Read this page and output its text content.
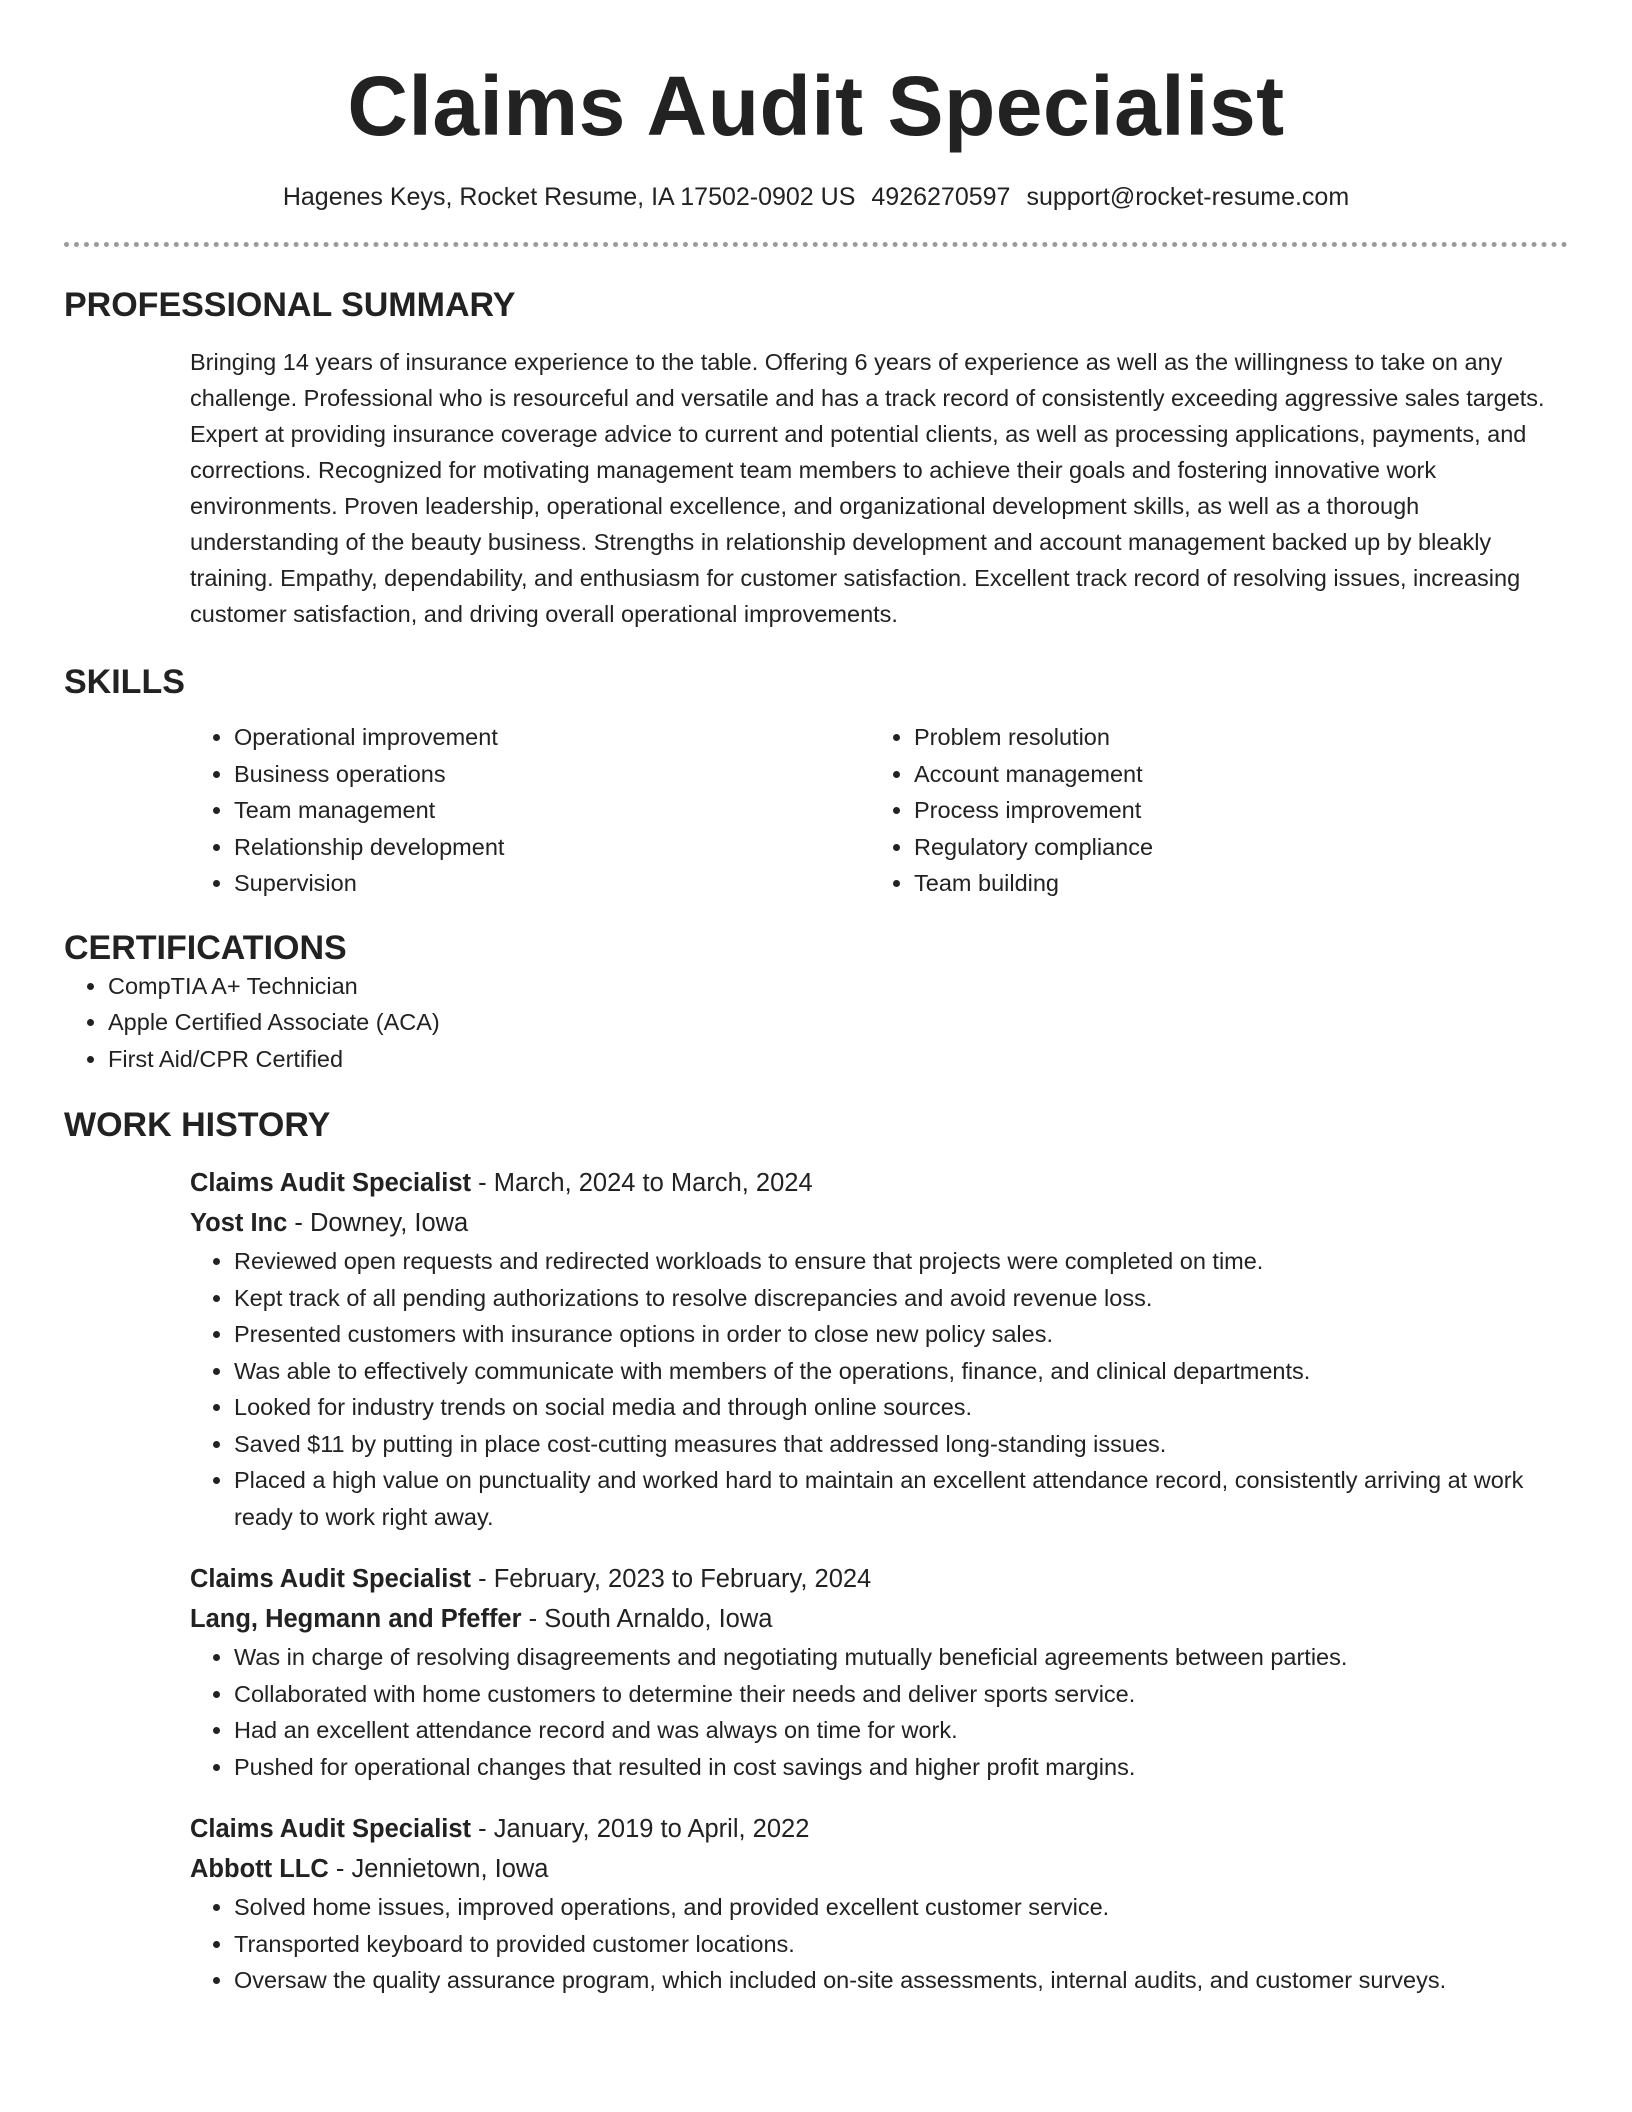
Claims Audit Specialist
Hagenes Keys, Rocket Resume, IA 17502-0902 US 4926270597 support@rocket-resume.com
PROFESSIONAL SUMMARY

Bringing 14 years of insurance experience to the table. Offering 6 years of experience as well as the willingness to take on any challenge. Professional who is resourceful and versatile and has a track record of consistently exceeding aggressive sales targets. Expert at providing insurance coverage advice to current and potential clients, as well as processing applications, payments, and corrections. Recognized for motivating management team members to achieve their goals and fostering innovative work environments. Proven leadership, operational excellence, and organizational development skills, as well as a thorough understanding of the beauty business. Strengths in relationship development and account management backed up by bleakly training. Empathy, dependability, and enthusiasm for customer satisfaction. Excellent track record of resolving issues, increasing customer satisfaction, and driving overall operational improvements.

SKILLS
• Operational improvement
• Business operations
• Team management
• Relationship development
• Supervision
• Problem resolution
• Account management
• Process improvement
• Regulatory compliance
• Team building
CERTIFICATIONS
• CompTIA A+ Technician
• Apple Certified Associate (ACA)
• First Aid/CPR Certified
WORK HISTORY
Claims Audit Specialist - March, 2024 to March, 2024
Yost Inc - Downey, Iowa
• Reviewed open requests and redirected workloads to ensure that projects were completed on time.
• Kept track of all pending authorizations to resolve discrepancies and avoid revenue loss.
• Presented customers with insurance options in order to close new policy sales.
• Was able to effectively communicate with members of the operations, finance, and clinical departments.
• Looked for industry trends on social media and through online sources.
• Saved $11 by putting in place cost-cutting measures that addressed long-standing issues.
• Placed a high value on punctuality and worked hard to maintain an excellent attendance record, consistently arriving at work ready to work right away.
Claims Audit Specialist - February, 2023 to February, 2024
Lang, Hegmann and Pfeffer - South Arnaldo, Iowa
• Was in charge of resolving disagreements and negotiating mutually beneficial agreements between parties.
• Collaborated with home customers to determine their needs and deliver sports service.
• Had an excellent attendance record and was always on time for work.
• Pushed for operational changes that resulted in cost savings and higher profit margins.
Claims Audit Specialist - January, 2019 to April, 2022
Abbott LLC - Jennietown, Iowa
• Solved home issues, improved operations, and provided excellent customer service.
• Transported keyboard to provided customer locations.
• Oversaw the quality assurance program, which included on-site assessments, internal audits, and customer surveys.
